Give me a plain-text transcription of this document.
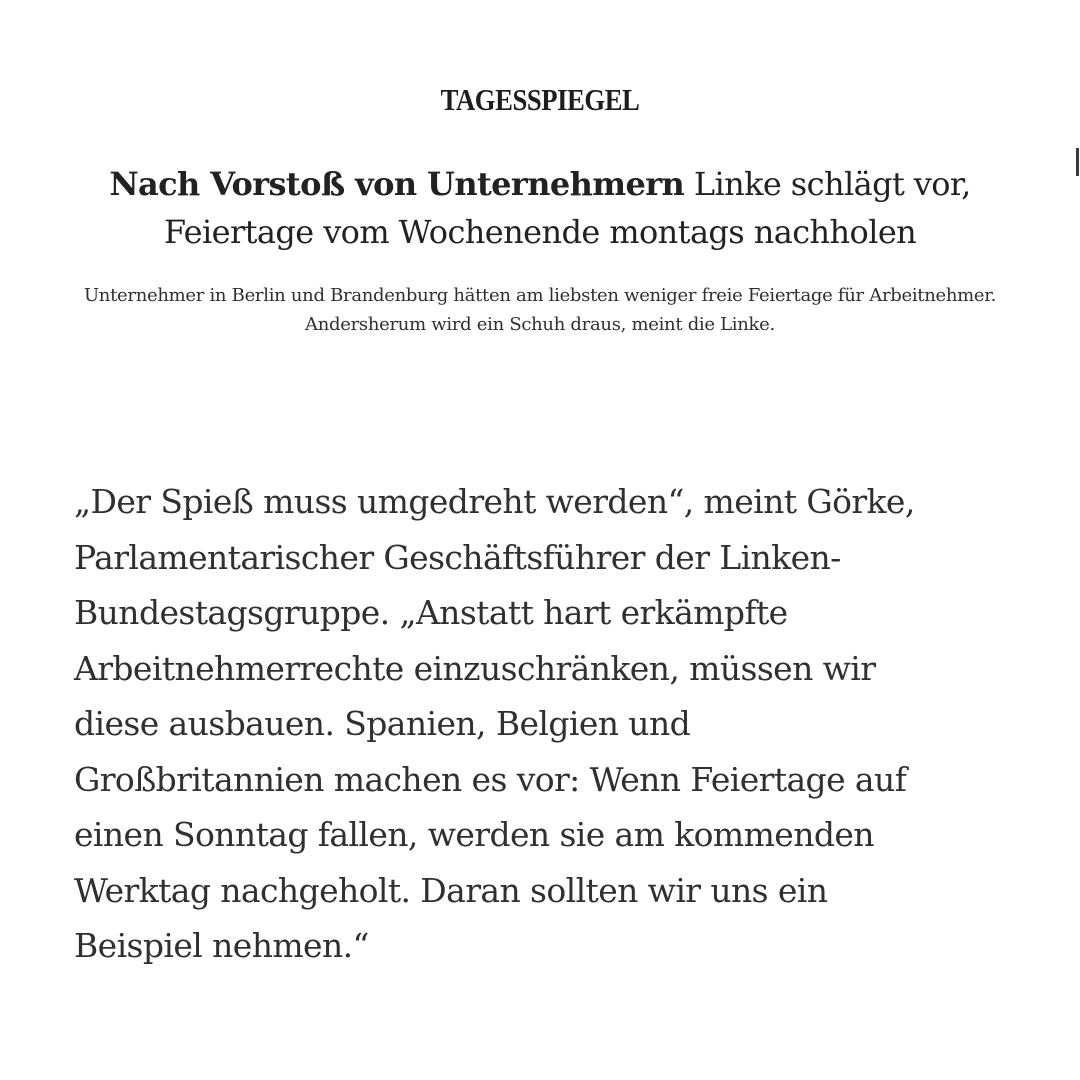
TAGESSPIEGEL
Nach Vorstoß von Unternehmern Linke schlägt vor, Feiertage vom Wochenende montags nachholen
Unternehmer in Berlin und Brandenburg hätten am liebsten weniger freie Feiertage für Arbeitnehmer. Andersherum wird ein Schuh draus, meint die Linke.
„Der Spieß muss umgedreht werden“, meint Görke,
Parlamentarischer Geschäftsführer der Linken-
Bundestagsgruppe. „Anstatt hart erkämpfte
Arbeitnehmerrechte einzuschränken, müssen wir
diese ausbauen. Spanien, Belgien und
Großbritannien machen es vor: Wenn Feiertage auf
einen Sonntag fallen, werden sie am kommenden
Werktag nachgeholt. Daran sollten wir uns ein
Beispiel nehmen.“
